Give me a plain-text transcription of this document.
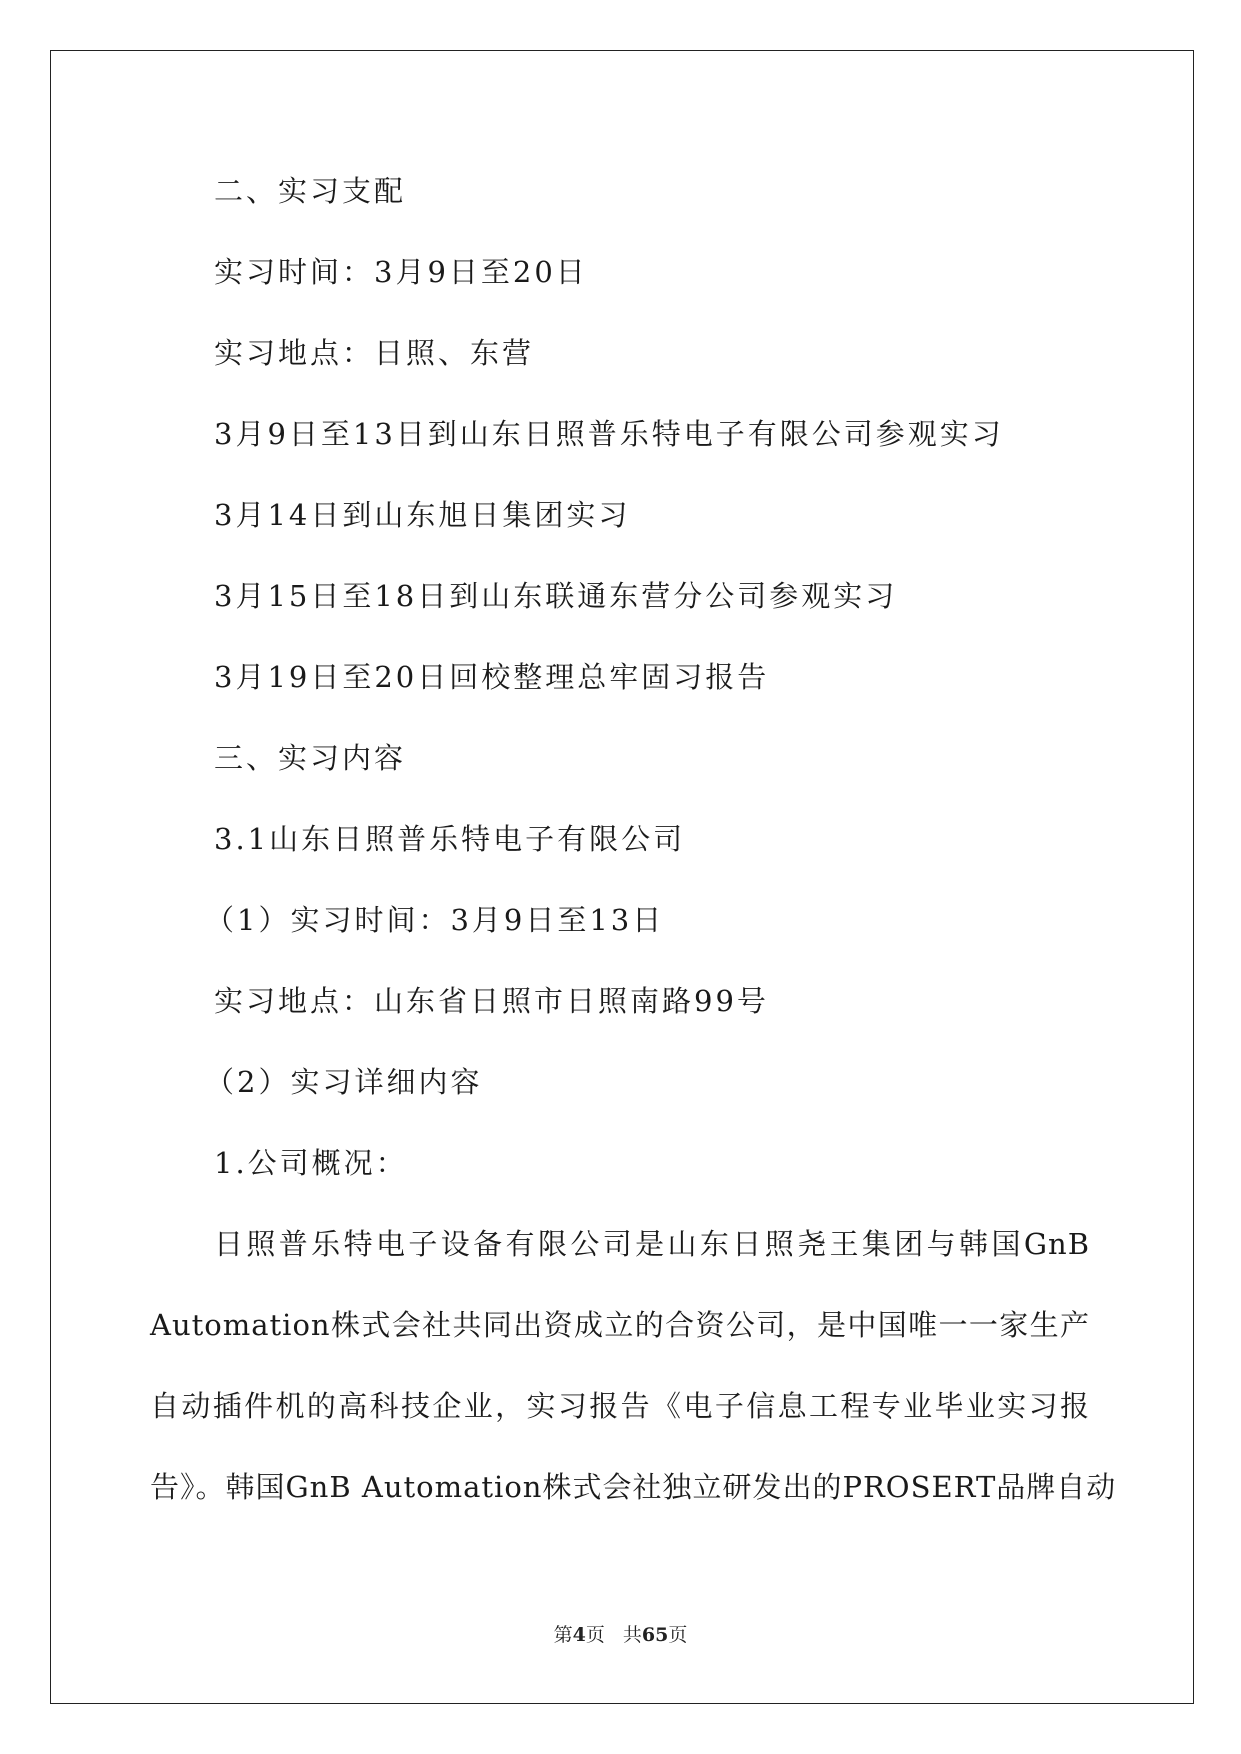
二、实习支配
实习时间：3月9日至20日
实习地点：日照、东营
3月9日至13日到山东日照普乐特电子有限公司参观实习
3月14日到山东旭日集团实习
3月15日至18日到山东联通东营分公司参观实习
3月19日至20日回校整理总牢固习报告
三、实习内容
3.1山东日照普乐特电子有限公司
（1）实习时间：3月9日至13日
实习地点：山东省日照市日照南路99号
（2）实习详细内容
1.公司概况：
日照普乐特电子设备有限公司是山东日照尧王集团与韩国GnB
Automation株式会社共同出资成立的合资公司，是中国唯一一家生产
自动插件机的高科技企业，实习报告《电子信息工程专业毕业实习报
告》。韩国GnB Automation株式会社独立研发出的PROSERT品牌自动
第4页 共65页
